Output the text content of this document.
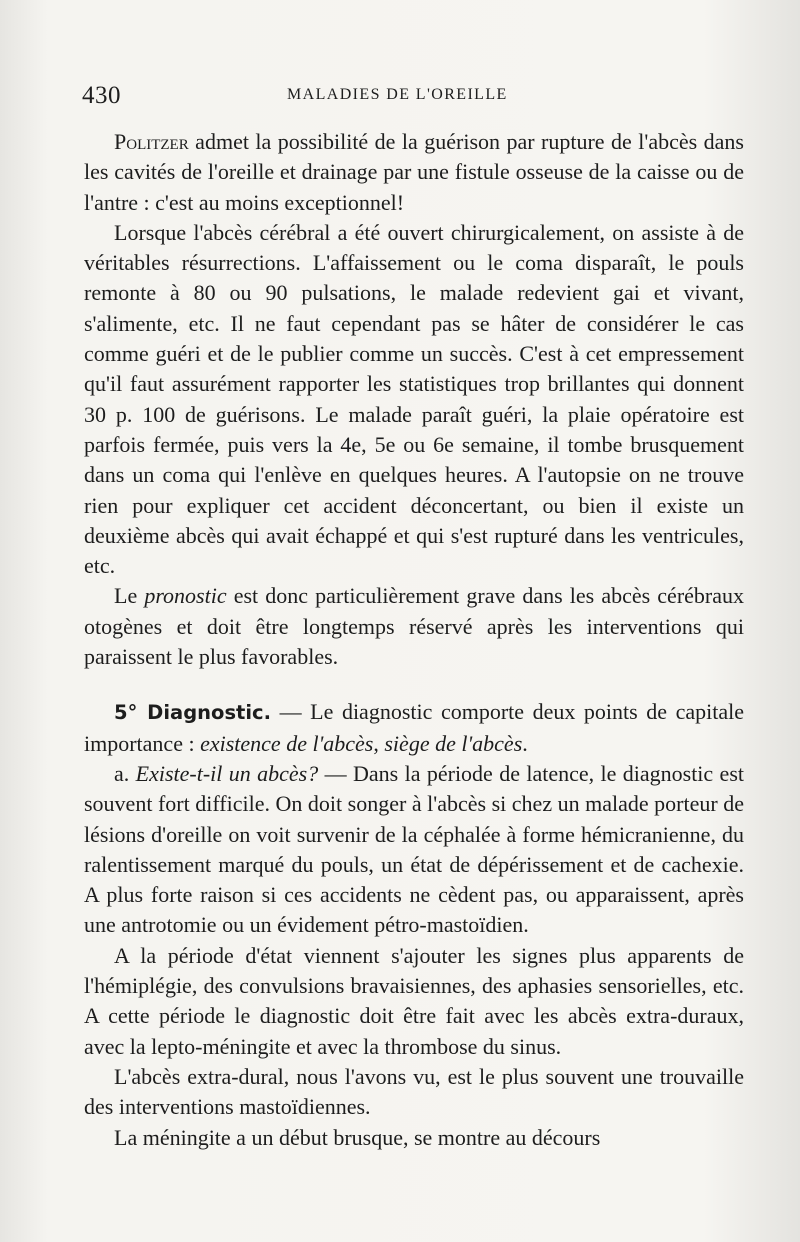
430	MALADIES DE L'OREILLE

Politzer admet la possibilité de la guérison par rupture de l'abcès dans les cavités de l'oreille et drainage par une fistule osseuse de la caisse ou de l'antre : c'est au moins exceptionnel!

Lorsque l'abcès cérébral a été ouvert chirurgicalement, on assiste à de véritables résurrections. L'affaissement ou le coma disparaît, le pouls remonte à 80 ou 90 pulsations, le malade redevient gai et vivant, s'alimente, etc. Il ne faut cependant pas se hâter de considérer le cas comme guéri et de le publier comme un succès. C'est à cet empressement qu'il faut assurément rapporter les statistiques trop brillantes qui donnent 30 p. 100 de guérisons. Le malade paraît guéri, la plaie opératoire est parfois fermée, puis vers la 4e, 5e ou 6e semaine, il tombe brusquement dans un coma qui l'enlève en quelques heures. A l'autopsie on ne trouve rien pour expliquer cet accident déconcertant, ou bien il existe un deuxième abcès qui avait échappé et qui s'est rupturé dans les ventricules, etc.

Le pronostic est donc particulièrement grave dans les abcès cérébraux otogènes et doit être longtemps réservé après les interventions qui paraissent le plus favorables.

5° Diagnostic. — Le diagnostic comporte deux points de capitale importance : existence de l'abcès, siège de l'abcès.

a. Existe-t-il un abcès? — Dans la période de latence, le diagnostic est souvent fort difficile. On doit songer à l'abcès si chez un malade porteur de lésions d'oreille on voit survenir de la céphalée à forme hémicranienne, du ralentissement marqué du pouls, un état de dépérissement et de cachexie. A plus forte raison si ces accidents ne cèdent pas, ou apparaissent, après une antrotomie ou un évidement pétro-mastoïdien.

A la période d'état viennent s'ajouter les signes plus apparents de l'hémiplégie, des convulsions bravaisiennes, des aphasies sensorielles, etc. A cette période le diagnostic doit être fait avec les abcès extra-duraux, avec la lepto-méningite et avec la thrombose du sinus.

L'abcès extra-dural, nous l'avons vu, est le plus souvent une trouvaille des interventions mastoïdiennes.

La méningite a un début brusque, se montre au décours
